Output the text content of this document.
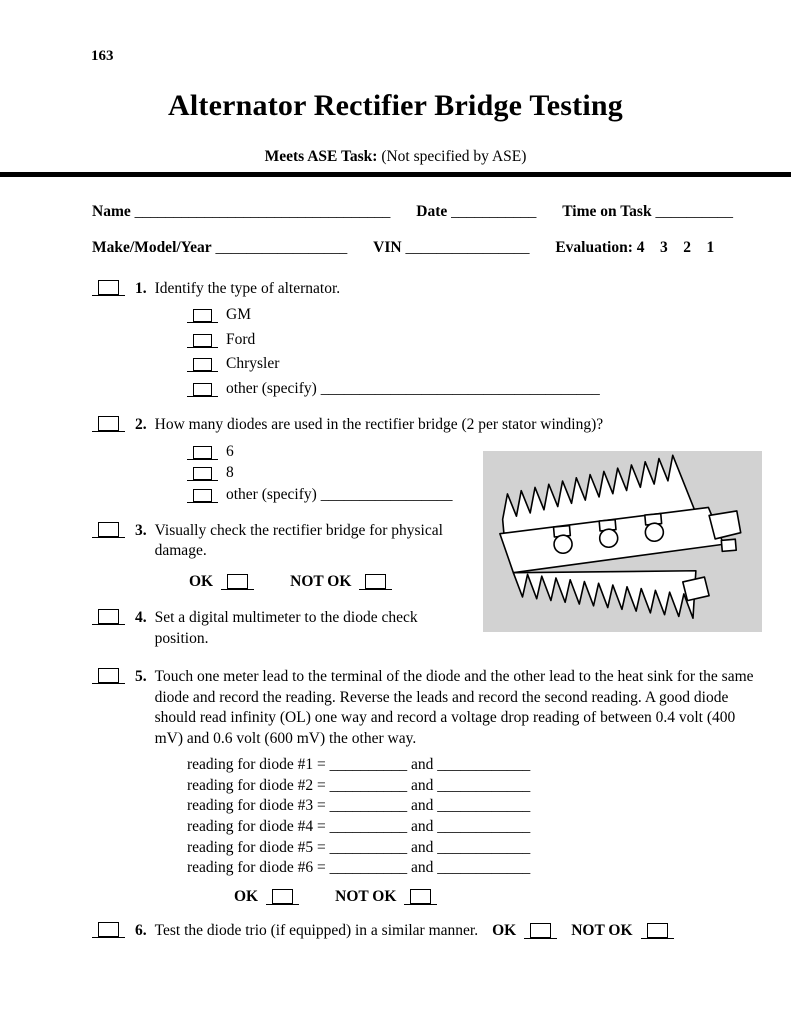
163
Alternator Rectifier Bridge Testing
Meets ASE Task: (Not specified by ASE)
Name _________________________________ Date ___________ Time on Task __________
Make/Model/Year _________________ VIN ________________ Evaluation: 4    3    2    1
1. Identify the type of alternator.
GM
Ford
Chrysler
other (specify) ____________________________________
2. How many diodes are used in the rectifier bridge (2 per stator winding)?
6
8
other (specify) _________________
3. Visually check the rectifier bridge for physical damage.
OK	NOT OK
4. Set a digital multimeter to the diode check position.
5. Touch one meter lead to the terminal of the diode and the other lead to the heat sink for the same diode and record the reading. Reverse the leads and record the second reading. A good diode should read infinity (OL) one way and record a voltage drop reading of between 0.4 volt (400 mV) and 0.6 volt (600 mV) the other way.
reading for diode #1 = __________ and ____________
reading for diode #2 = __________ and ____________
reading for diode #3 = __________ and ____________
reading for diode #4 = __________ and ____________
reading for diode #5 = __________ and ____________
reading for diode #6 = __________ and ____________
OK	NOT OK
6. Test the diode trio (if equipped) in a similar manner. OK	NOT OK
